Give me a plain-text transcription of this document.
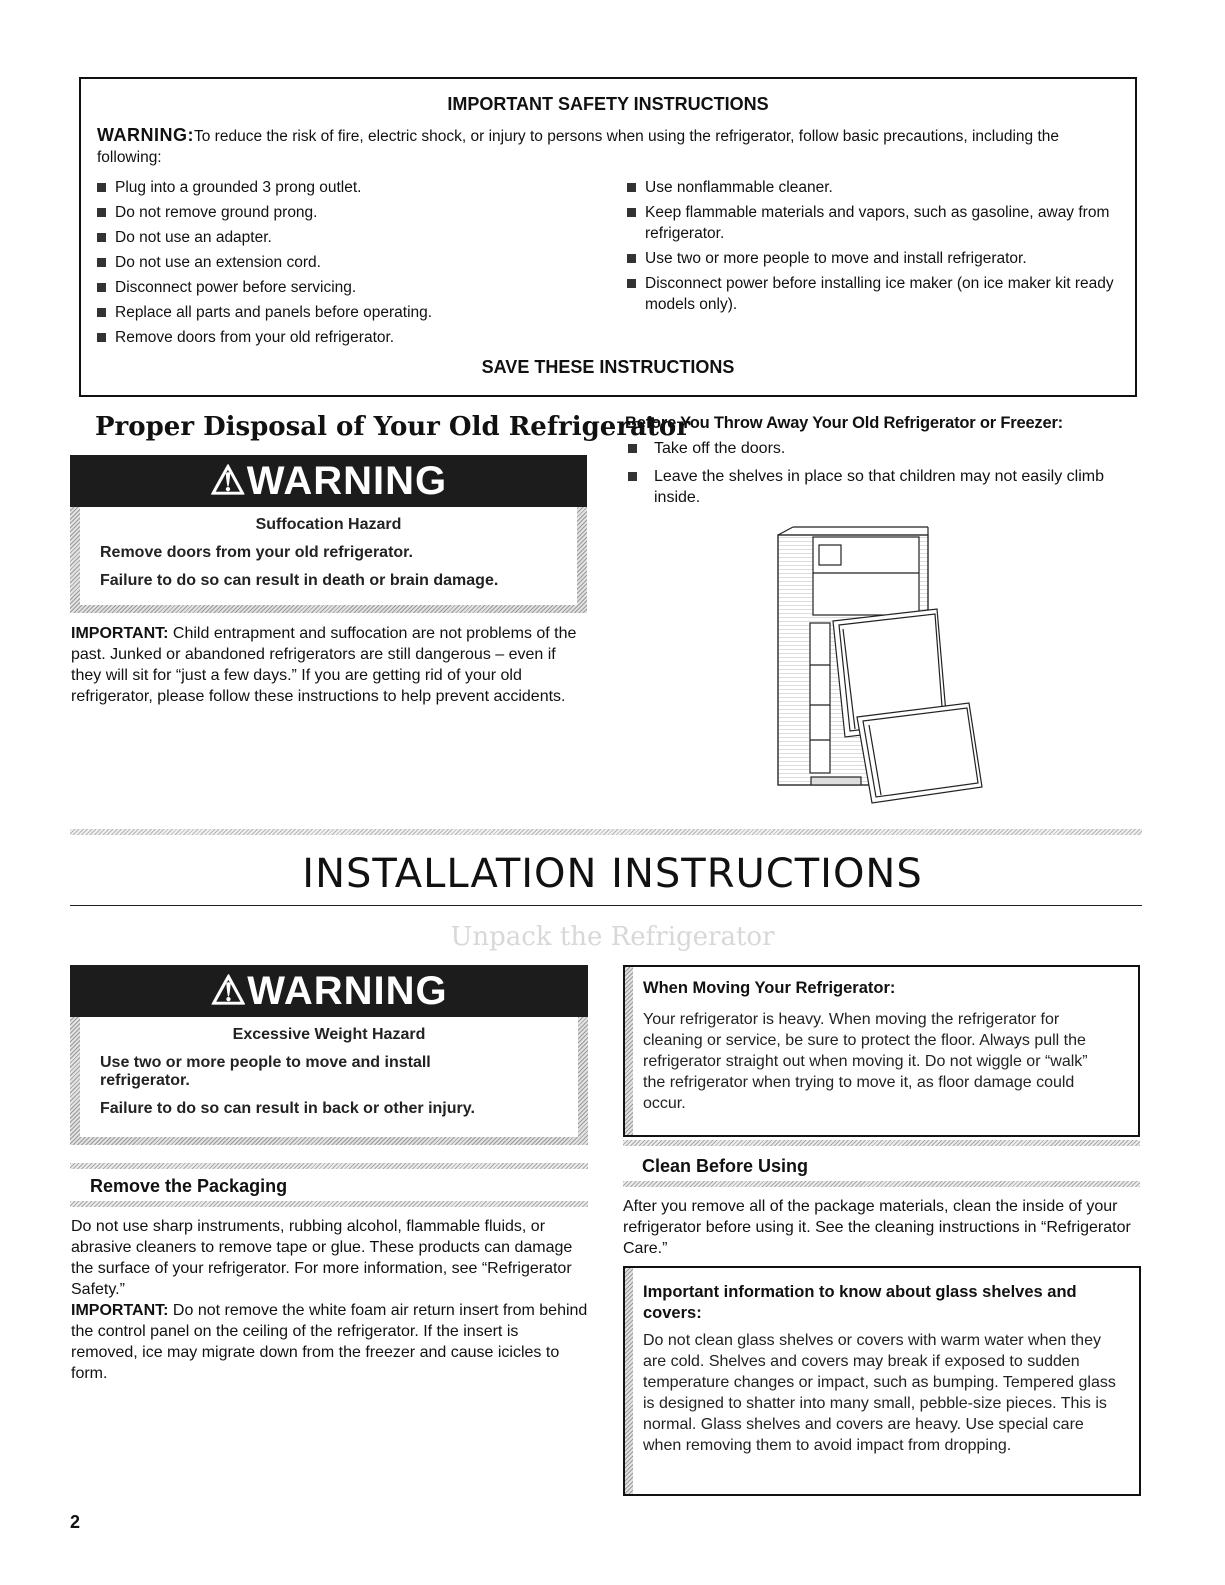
IMPORTANT SAFETY INSTRUCTIONS
WARNING:To reduce the risk of fire, electric shock, or injury to persons when using the refrigerator, follow basic precautions, including the following:
Plug into a grounded 3 prong outlet.
Do not remove ground prong.
Do not use an adapter.
Do not use an extension cord.
Disconnect power before servicing.
Replace all parts and panels before operating.
Remove doors from your old refrigerator.
Use nonflammable cleaner.
Keep flammable materials and vapors, such as gasoline, away from refrigerator.
Use two or more people to move and install refrigerator.
Disconnect power before installing ice maker (on ice maker kit ready models only).
SAVE THESE INSTRUCTIONS
Proper Disposal of Your Old Refrigerator
⚠WARNING
Suffocation Hazard
Remove doors from your old refrigerator.
Failure to do so can result in death or brain damage.
IMPORTANT: Child entrapment and suffocation are not problems of the past. Junked or abandoned refrigerators are still dangerous – even if they will sit for “just a few days.” If you are getting rid of your old refrigerator, please follow these instructions to help prevent accidents.
Before You Throw Away Your Old Refrigerator or Freezer:
Take off the doors.
Leave the shelves in place so that children may not easily climb inside.
INSTALLATION INSTRUCTIONS
Unpack the Refrigerator
⚠WARNING
Excessive Weight Hazard
Use two or more people to move and install refrigerator.
Failure to do so can result in back or other injury.
When Moving Your Refrigerator:
Your refrigerator is heavy. When moving the refrigerator for cleaning or service, be sure to protect the floor. Always pull the refrigerator straight out when moving it. Do not wiggle or “walk” the refrigerator when trying to move it, as floor damage could occur.
Remove the Packaging
Do not use sharp instruments, rubbing alcohol, flammable fluids, or abrasive cleaners to remove tape or glue. These products can damage the surface of your refrigerator. For more information, see “Refrigerator Safety.”
IMPORTANT: Do not remove the white foam air return insert from behind the control panel on the ceiling of the refrigerator. If the insert is removed, ice may migrate down from the freezer and cause icicles to form.
Clean Before Using
After you remove all of the package materials, clean the inside of your refrigerator before using it. See the cleaning instructions in “Refrigerator Care.”
Important information to know about glass shelves and covers:
Do not clean glass shelves or covers with warm water when they are cold. Shelves and covers may break if exposed to sudden temperature changes or impact, such as bumping. Tempered glass is designed to shatter into many small, pebble-size pieces. This is normal. Glass shelves and covers are heavy. Use special care when removing them to avoid impact from dropping.
2
